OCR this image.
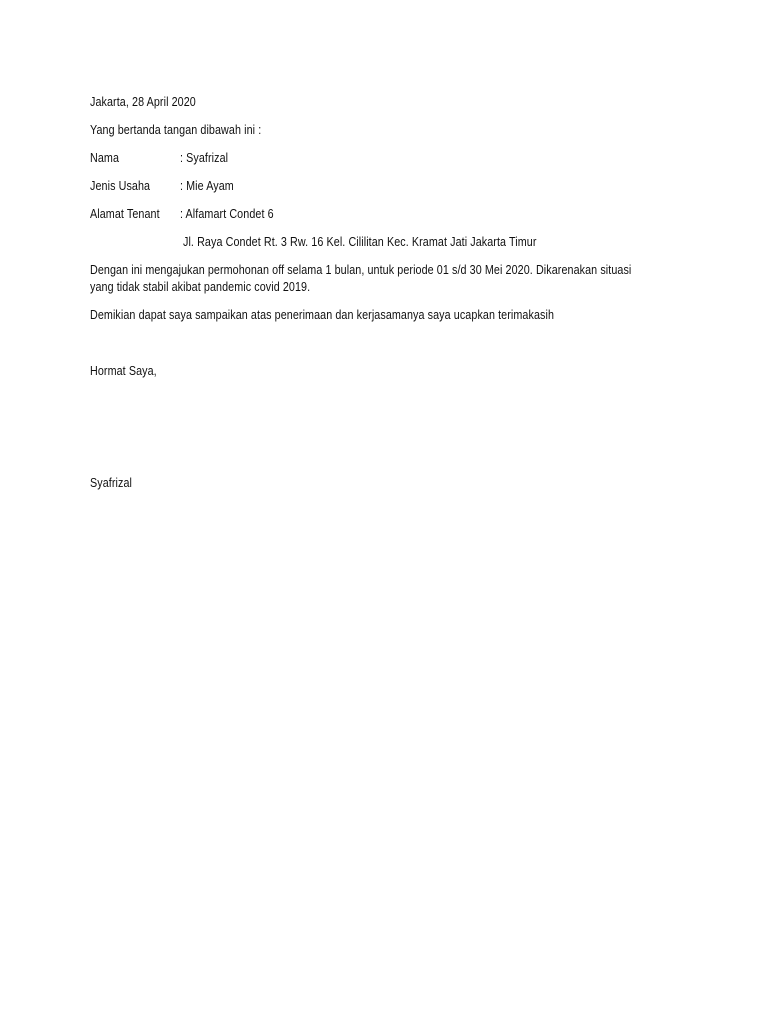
Jakarta, 28 April 2020
Yang bertanda tangan dibawah ini :
Nama	: Syafrizal
Jenis Usaha : Mie Ayam
Alamat Tenant : Alfamart Condet 6
Jl. Raya Condet Rt. 3 Rw. 16 Kel. Cililitan Kec. Kramat Jati Jakarta Timur
Dengan ini mengajukan permohonan off selama 1 bulan, untuk periode 01 s/d 30 Mei 2020. Dikarenakan situasi
yang tidak stabil akibat pandemic covid 2019.
Demikian dapat saya sampaikan atas penerimaan dan kerjasamanya saya ucapkan terimakasih
Hormat Saya,
Syafrizal
